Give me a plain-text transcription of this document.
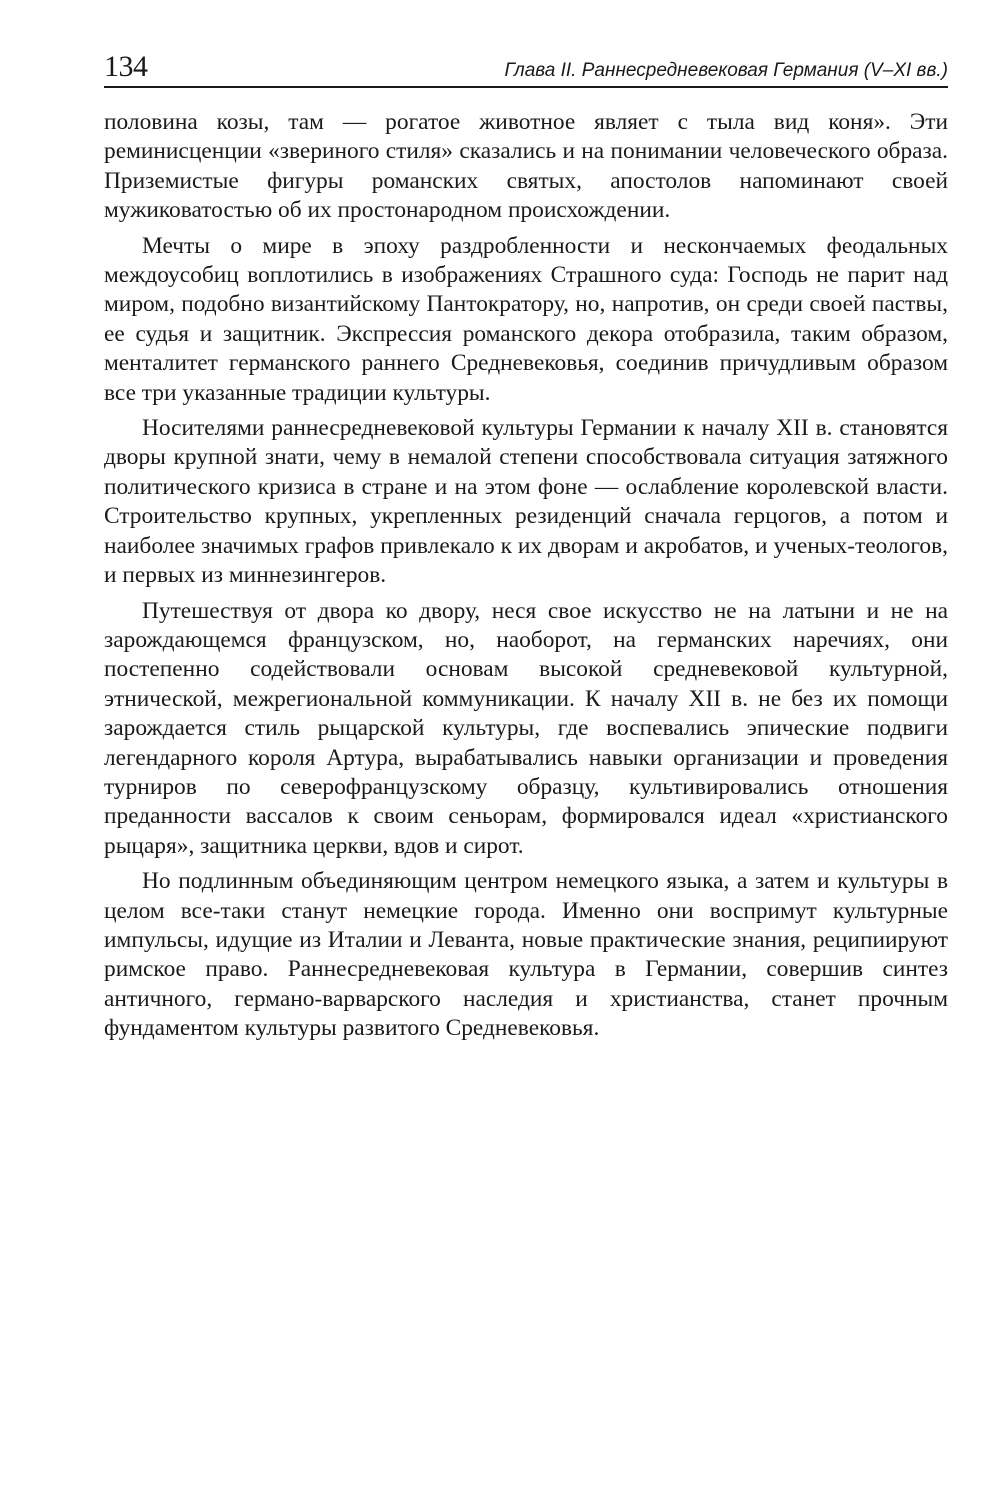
134	Глава II. Раннесредневековая Германия (V–XI вв.)

половина козы, там — рогатое животное являет с тыла вид коня». Эти реминисценции «звериного стиля» сказались и на понимании человеческого образа. Приземистые фигуры романских святых, апостолов напоминают своей мужиковатостью об их простонародном происхождении.

Мечты о мире в эпоху раздробленности и нескончаемых феодальных междоусобиц воплотились в изображениях Страшного суда: Господь не парит над миром, подобно византийскому Пантократору, но, напротив, он среди своей паствы, ее судья и защитник. Экспрессия романского декора отобразила, таким образом, менталитет германского раннего Средневековья, соединив причудливым образом все три указанные традиции культуры.

Носителями раннесредневековой культуры Германии к началу XII в. становятся дворы крупной знати, чему в немалой степени способствовала ситуация затяжного политического кризиса в стране и на этом фоне — ослабление королевской власти. Строительство крупных, укрепленных резиденций сначала герцогов, а потом и наиболее значимых графов привлекало к их дворам и акробатов, и ученых-теологов, и первых из миннезингеров.

Путешествуя от двора ко двору, неся свое искусство не на латыни и не на зарождающемся французском, но, наоборот, на германских наречиях, они постепенно содействовали основам высокой средневековой культурной, этнической, межрегиональной коммуникации. К началу XII в. не без их помощи зарождается стиль рыцарской культуры, где воспевались эпические подвиги легендарного короля Артура, вырабатывались навыки организации и проведения турниров по северофранцузскому образцу, культивировались отношения преданности вассалов к своим сеньорам, формировался идеал «христианского рыцаря», защитника церкви, вдов и сирот.

Но подлинным объединяющим центром немецкого языка, а затем и культуры в целом все-таки станут немецкие города. Именно они воспримут культурные импульсы, идущие из Италии и Леванта, новые практические знания, реципиируют римское право. Раннесредневековая культура в Германии, совершив синтез античного, германо-варварского наследия и христианства, станет прочным фундаментом культуры развитого Средневековья.
